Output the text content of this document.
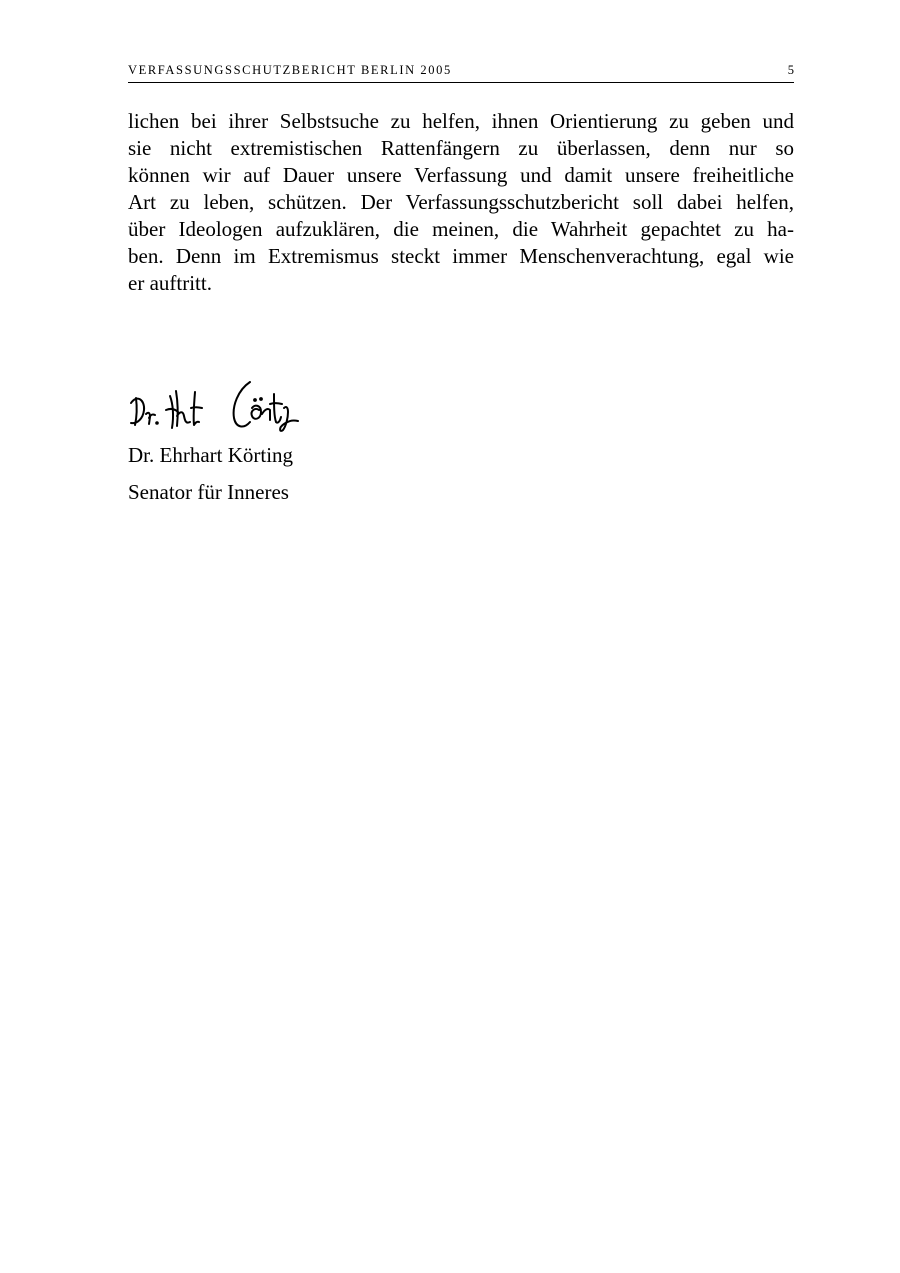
VERFASSUNGSSCHUTZBERICHT BERLIN 2005	5

lichen bei ihrer Selbstsuche zu helfen, ihnen Orientierung zu geben und
sie nicht extremistischen Rattenfängern zu überlassen, denn nur so
können wir auf Dauer unsere Verfassung und damit unsere freiheitliche
Art zu leben, schützen. Der Verfassungsschutzbericht soll dabei helfen,
über Ideologen aufzuklären, die meinen, die Wahrheit gepachtet zu ha-
ben. Denn im Extremismus steckt immer Menschenverachtung, egal wie
er auftritt.

Dr. Ehrhart Körting
Senator für Inneres
